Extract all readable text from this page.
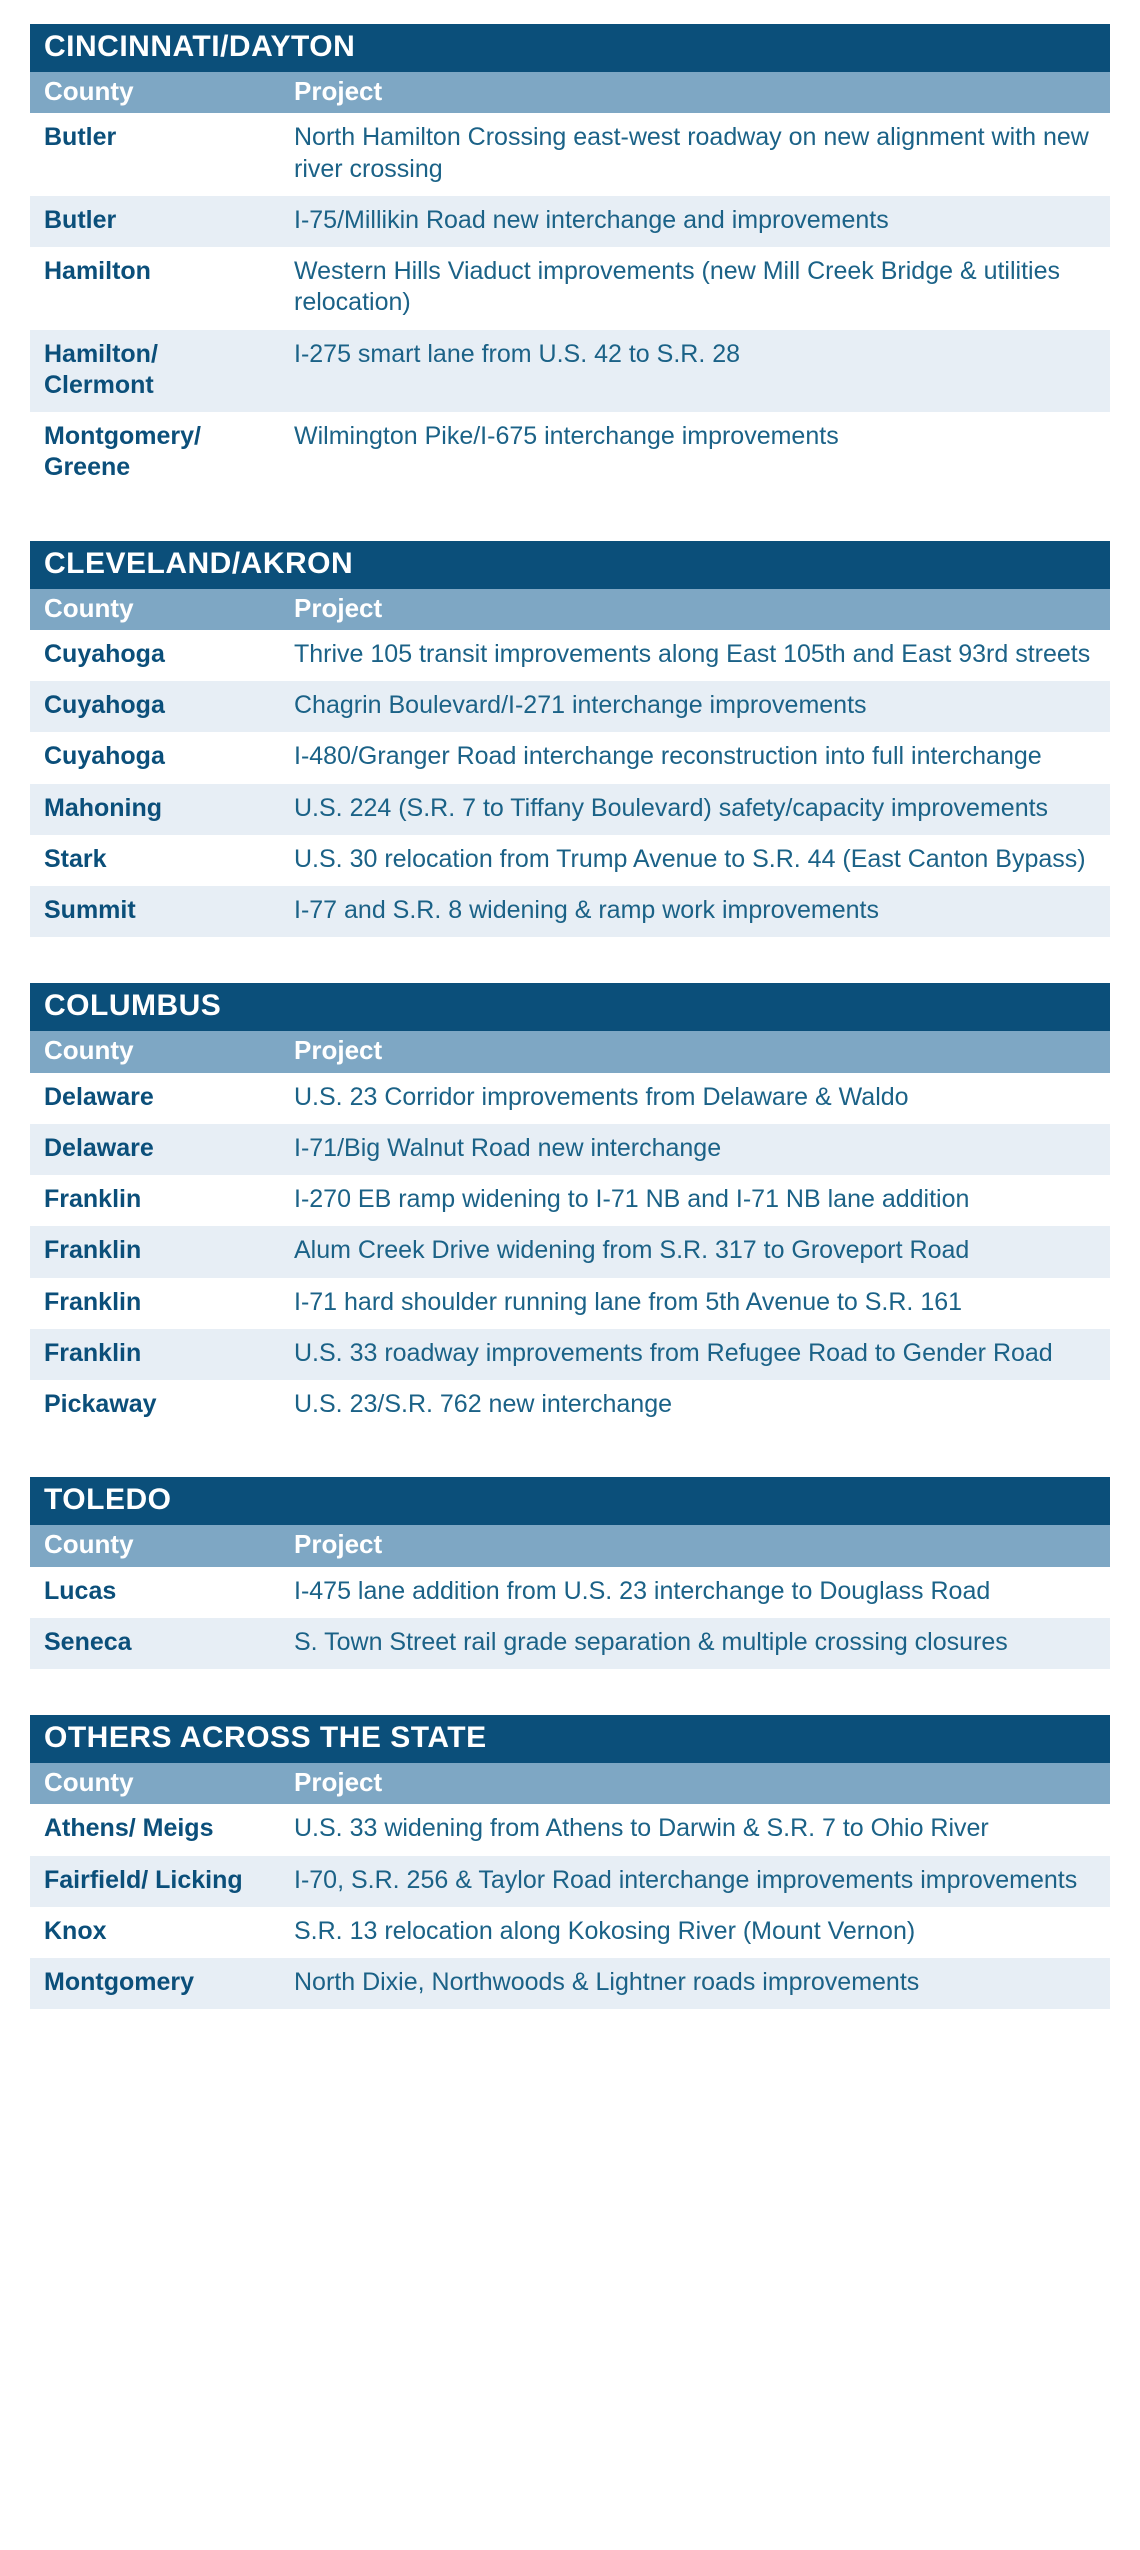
CINCINNATI/DAYTON
County	Project
Butler	North Hamilton Crossing east-west roadway on new alignment with new river crossing
Butler	I-75/Millikin Road new interchange and improvements
Hamilton	Western Hills Viaduct improvements (new Mill Creek Bridge & utilities relocation)
Hamilton/ Clermont	I-275 smart lane from U.S. 42 to S.R. 28
Montgomery/ Greene	Wilmington Pike/I-675 interchange improvements
CLEVELAND/AKRON
County	Project
Cuyahoga	Thrive 105 transit improvements along East 105th and East 93rd streets
Cuyahoga	Chagrin Boulevard/I-271 interchange improvements
Cuyahoga	I-480/Granger Road interchange reconstruction into full interchange
Mahoning	U.S. 224 (S.R. 7 to Tiffany Boulevard) safety/capacity improvements
Stark	U.S. 30 relocation from Trump Avenue to S.R. 44 (East Canton Bypass)
Summit	I-77 and S.R. 8 widening & ramp work improvements
COLUMBUS
County	Project
Delaware	U.S. 23 Corridor improvements from Delaware & Waldo
Delaware	I-71/Big Walnut Road new interchange
Franklin	I-270 EB ramp widening to I-71 NB and I-71 NB lane addition
Franklin	Alum Creek Drive widening from S.R. 317 to Groveport Road
Franklin	I-71 hard shoulder running lane from 5th Avenue to S.R. 161
Franklin	U.S. 33 roadway improvements from Refugee Road to Gender Road
Pickaway	U.S. 23/S.R. 762 new interchange
TOLEDO
County	Project
Lucas	I-475 lane addition from U.S. 23 interchange to Douglass Road
Seneca	S. Town Street rail grade separation & multiple crossing closures
OTHERS ACROSS THE STATE
County	Project
Athens/ Meigs	U.S. 33 widening from Athens to Darwin & S.R. 7 to Ohio River
Fairfield/ Licking	I-70, S.R. 256 & Taylor Road interchange improvements improvements
Knox	S.R. 13 relocation along Kokosing River (Mount Vernon)
Montgomery	North Dixie, Northwoods & Lightner roads improvements
